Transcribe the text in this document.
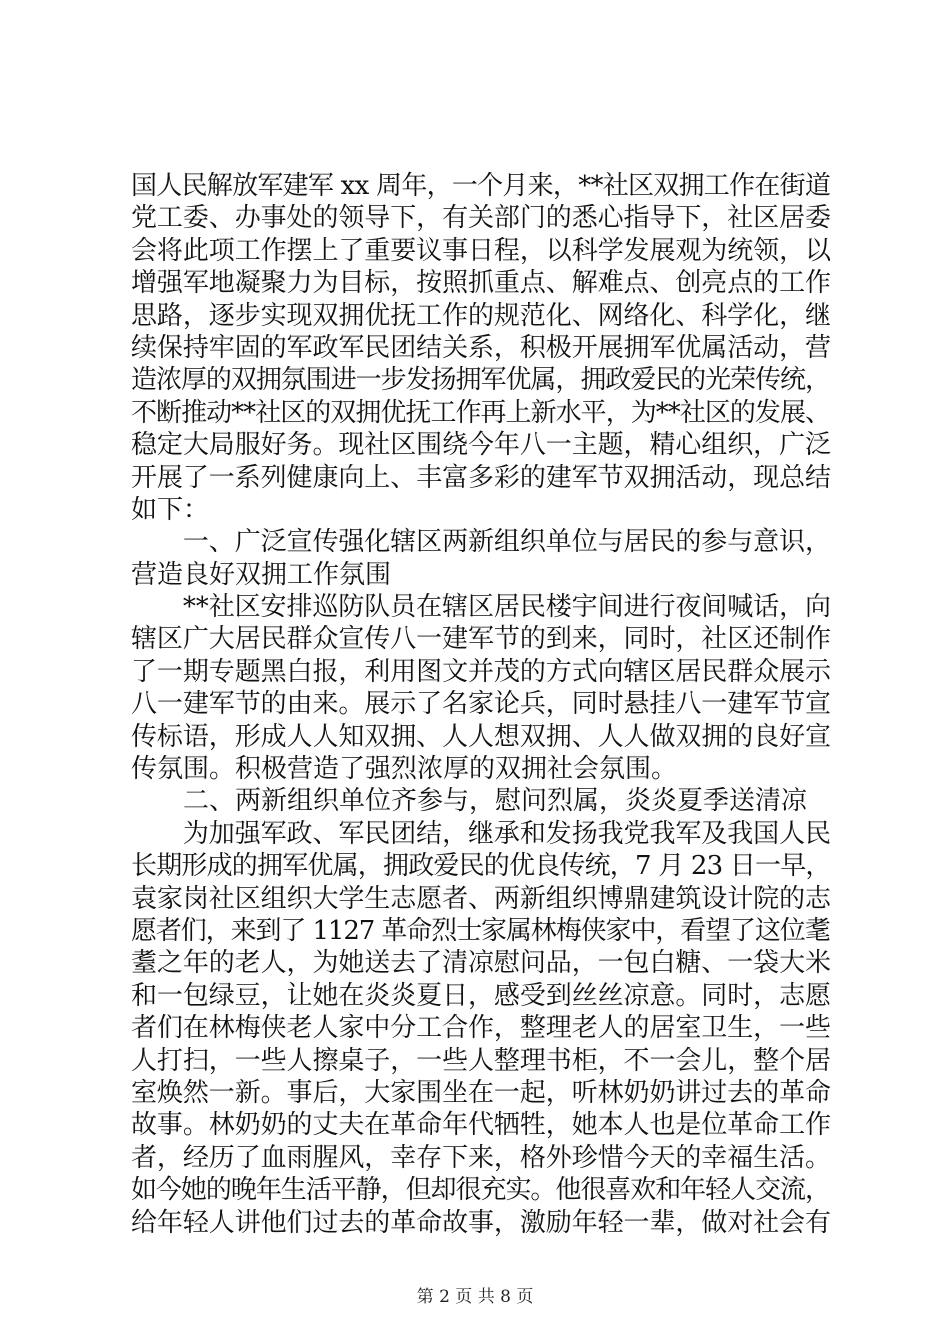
国人民解放军建军 xx 周年，一个月来，**社区双拥工作在街道
党工委、办事处的领导下，有关部门的悉心指导下，社区居委
会将此项工作摆上了重要议事日程，以科学发展观为统领，以
增强军地凝聚力为目标，按照抓重点、解难点、创亮点的工作
思路，逐步实现双拥优抚工作的规范化、网络化、科学化，继
续保持牢固的军政军民团结关系，积极开展拥军优属活动，营
造浓厚的双拥氛围进一步发扬拥军优属，拥政爱民的光荣传统，
不断推动**社区的双拥优抚工作再上新水平，为**社区的发展、
稳定大局服好务。现社区围绕今年八一主题，精心组织，广泛
开展了一系列健康向上、丰富多彩的建军节双拥活动，现总结
如下：
　　一、广泛宣传强化辖区两新组织单位与居民的参与意识，
营造良好双拥工作氛围
　　**社区安排巡防队员在辖区居民楼宇间进行夜间喊话，向
辖区广大居民群众宣传八一建军节的到来，同时，社区还制作
了一期专题黑白报，利用图文并茂的方式向辖区居民群众展示
八一建军节的由来。展示了名家论兵，同时悬挂八一建军节宣
传标语，形成人人知双拥、人人想双拥、人人做双拥的良好宣
传氛围。积极营造了强烈浓厚的双拥社会氛围。
　　二、两新组织单位齐参与，慰问烈属，炎炎夏季送清凉
　　为加强军政、军民团结，继承和发扬我党我军及我国人民
长期形成的拥军优属，拥政爱民的优良传统，7 月 23 日一早，
袁家岗社区组织大学生志愿者、两新组织博鼎建筑设计院的志
愿者们，来到了 1127 革命烈士家属林梅侠家中，看望了这位耄
耋之年的老人，为她送去了清凉慰问品，一包白糖、一袋大米
和一包绿豆，让她在炎炎夏日，感受到丝丝凉意。同时，志愿
者们在林梅侠老人家中分工合作，整理老人的居室卫生，一些
人打扫，一些人擦桌子，一些人整理书柜，不一会儿，整个居
室焕然一新。事后，大家围坐在一起，听林奶奶讲过去的革命
故事。林奶奶的丈夫在革命年代牺牲，她本人也是位革命工作
者，经历了血雨腥风，幸存下来，格外珍惜今天的幸福生活。
如今她的晚年生活平静，但却很充实。他很喜欢和年轻人交流，
给年轻人讲他们过去的革命故事，激励年轻一辈，做对社会有
第 2 页 共 8 页
